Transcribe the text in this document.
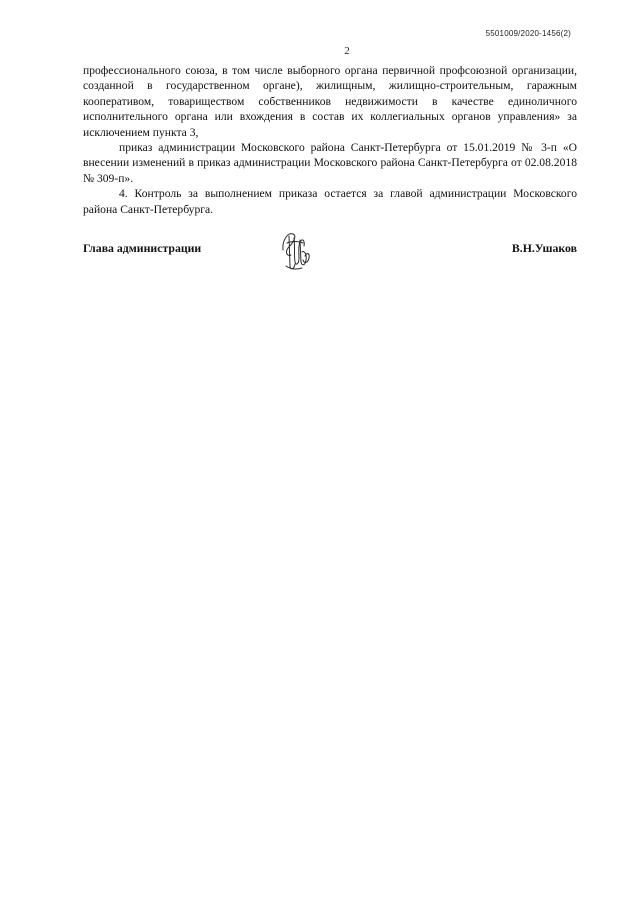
5501009/2020-1456(2)
2

профессионального союза, в том числе выборного органа первичной профсоюзной организации, созданной в государственном органе), жилищным, жилищно-строительным, гаражным кооперативом, товариществом собственников недвижимости в качестве единоличного исполнительного органа или вхождения в состав их коллегиальных органов управления» за исключением пункта 3,

приказ администрации Московского района Санкт-Петербурга от 15.01.2019 № 3-п «О внесении изменений в приказ администрации Московского района Санкт-Петербурга от 02.08.2018 № 309-п».

4. Контроль за выполнением приказа остается за главой администрации Московского района Санкт-Петербурга.

Глава администрации	В.Н.Ушаков
